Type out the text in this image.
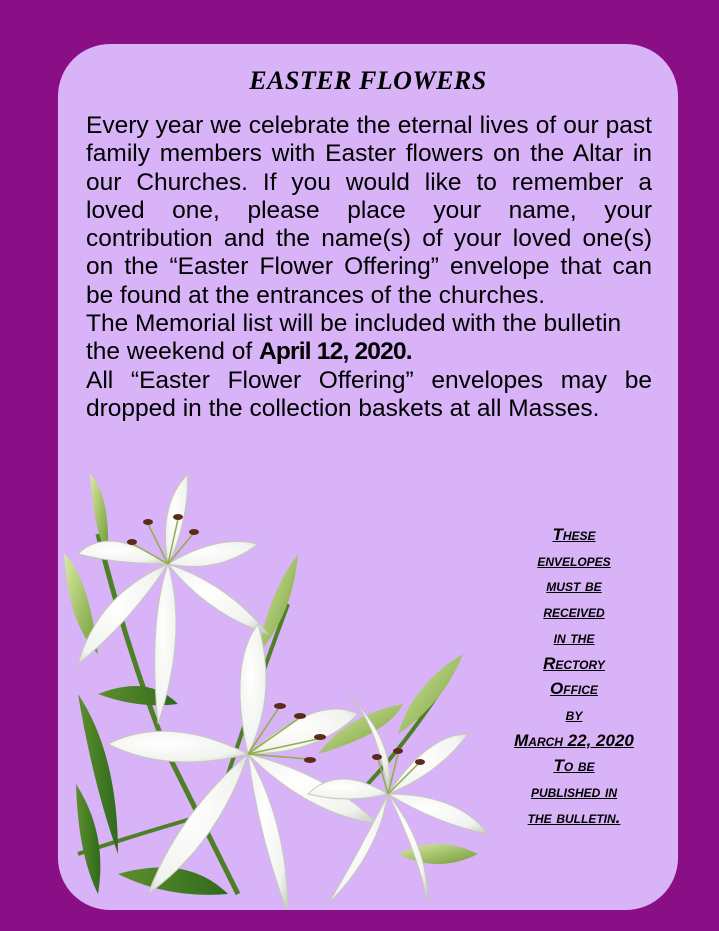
EASTER FLOWERS

Every year we celebrate the eternal lives of our past family members with Easter flowers on the Altar in our Churches. If you would like to remember a loved one, please place your name, your contribution and the name(s) of your loved one(s) on the “Easter Flower Offering” envelope that can be found at the entrances of the churches.

The Memorial list will be included with the bulletin the weekend of April 12, 2020.

All “Easter Flower Offering” envelopes may be dropped in the collection baskets at all Masses.

These
envelopes
must be
received
in the
Rectory
Office
by
March 22, 2020
To be
published in
the bulletin.
